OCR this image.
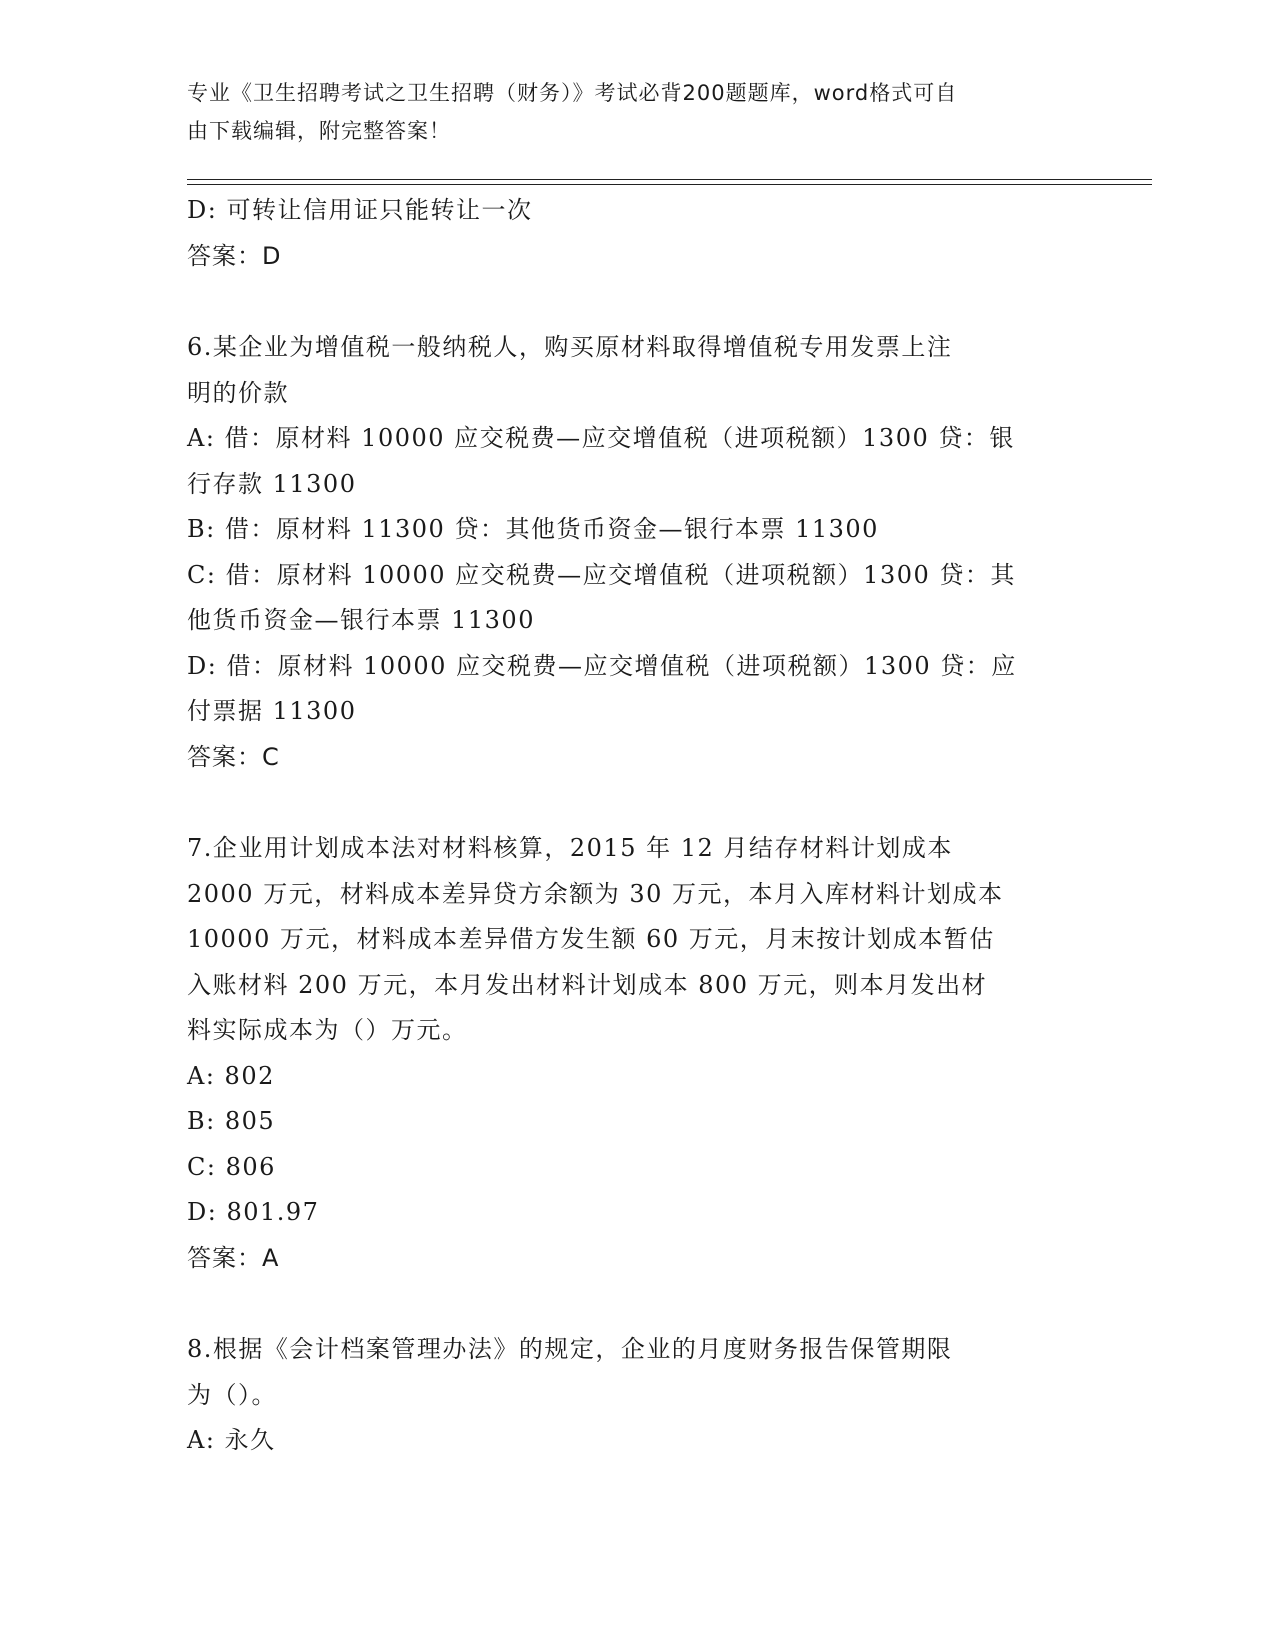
专业《卫生招聘考试之卫生招聘（财务）》考试必背200题题库，word格式可自
由下载编辑，附完整答案！
D: 可转让信用证只能转让一次
答案：D
6.某企业为增值税一般纳税人，购买原材料取得增值税专用发票上注
明的价款
A: 借：原材料 10000 应交税费—应交增值税（进项税额）1300 贷：银
行存款 11300
B: 借：原材料 11300 贷：其他货币资金—银行本票 11300
C: 借：原材料 10000 应交税费—应交增值税（进项税额）1300 贷：其
他货币资金—银行本票 11300
D: 借：原材料 10000 应交税费—应交增值税（进项税额）1300 贷：应
付票据 11300
答案：C
7.企业用计划成本法对材料核算，2015 年 12 月结存材料计划成本
2000 万元，材料成本差异贷方余额为 30 万元，本月入库材料计划成本
10000 万元，材料成本差异借方发生额 60 万元，月末按计划成本暂估
入账材料 200 万元，本月发出材料计划成本 800 万元，则本月发出材
料实际成本为（）万元。
A: 802
B: 805
C: 806
D: 801.97
答案：A
8.根据《会计档案管理办法》的规定，企业的月度财务报告保管期限
为（）。
A: 永久
